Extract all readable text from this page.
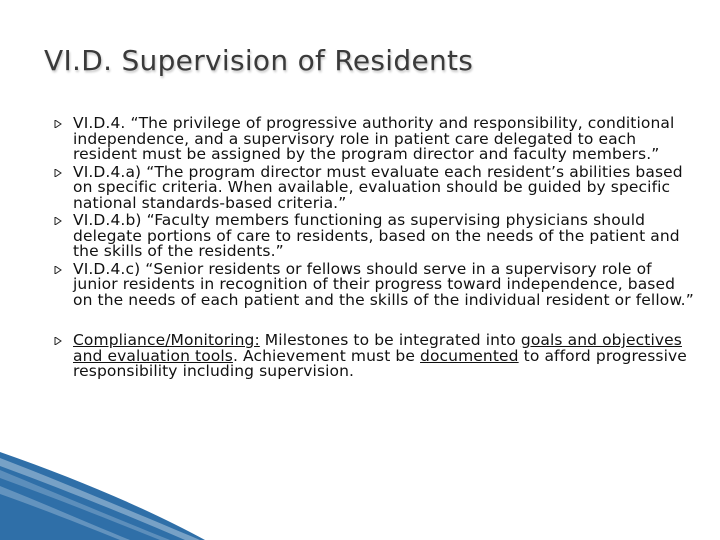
VI.D. Supervision of Residents
VI.D.4. “The privilege of progressive authority and responsibility, conditional independence, and a supervisory role in patient care delegated to each resident must be assigned by the program director and faculty members.”
VI.D.4.a) “The program director must evaluate each resident’s abilities based on specific criteria. When available, evaluation should be guided by specific national standards-based criteria.”
VI.D.4.b) “Faculty members functioning as supervising physicians should delegate portions of care to residents, based on the needs of the patient and the skills of the residents.”
VI.D.4.c) “Senior residents or fellows should serve in a supervisory role of junior residents in recognition of their progress toward independence, based on the needs of each patient and the skills of the individual resident or fellow.”
Compliance/Monitoring: Milestones to be integrated into goals and objectives and evaluation tools. Achievement must be documented to afford progressive responsibility including supervision.
